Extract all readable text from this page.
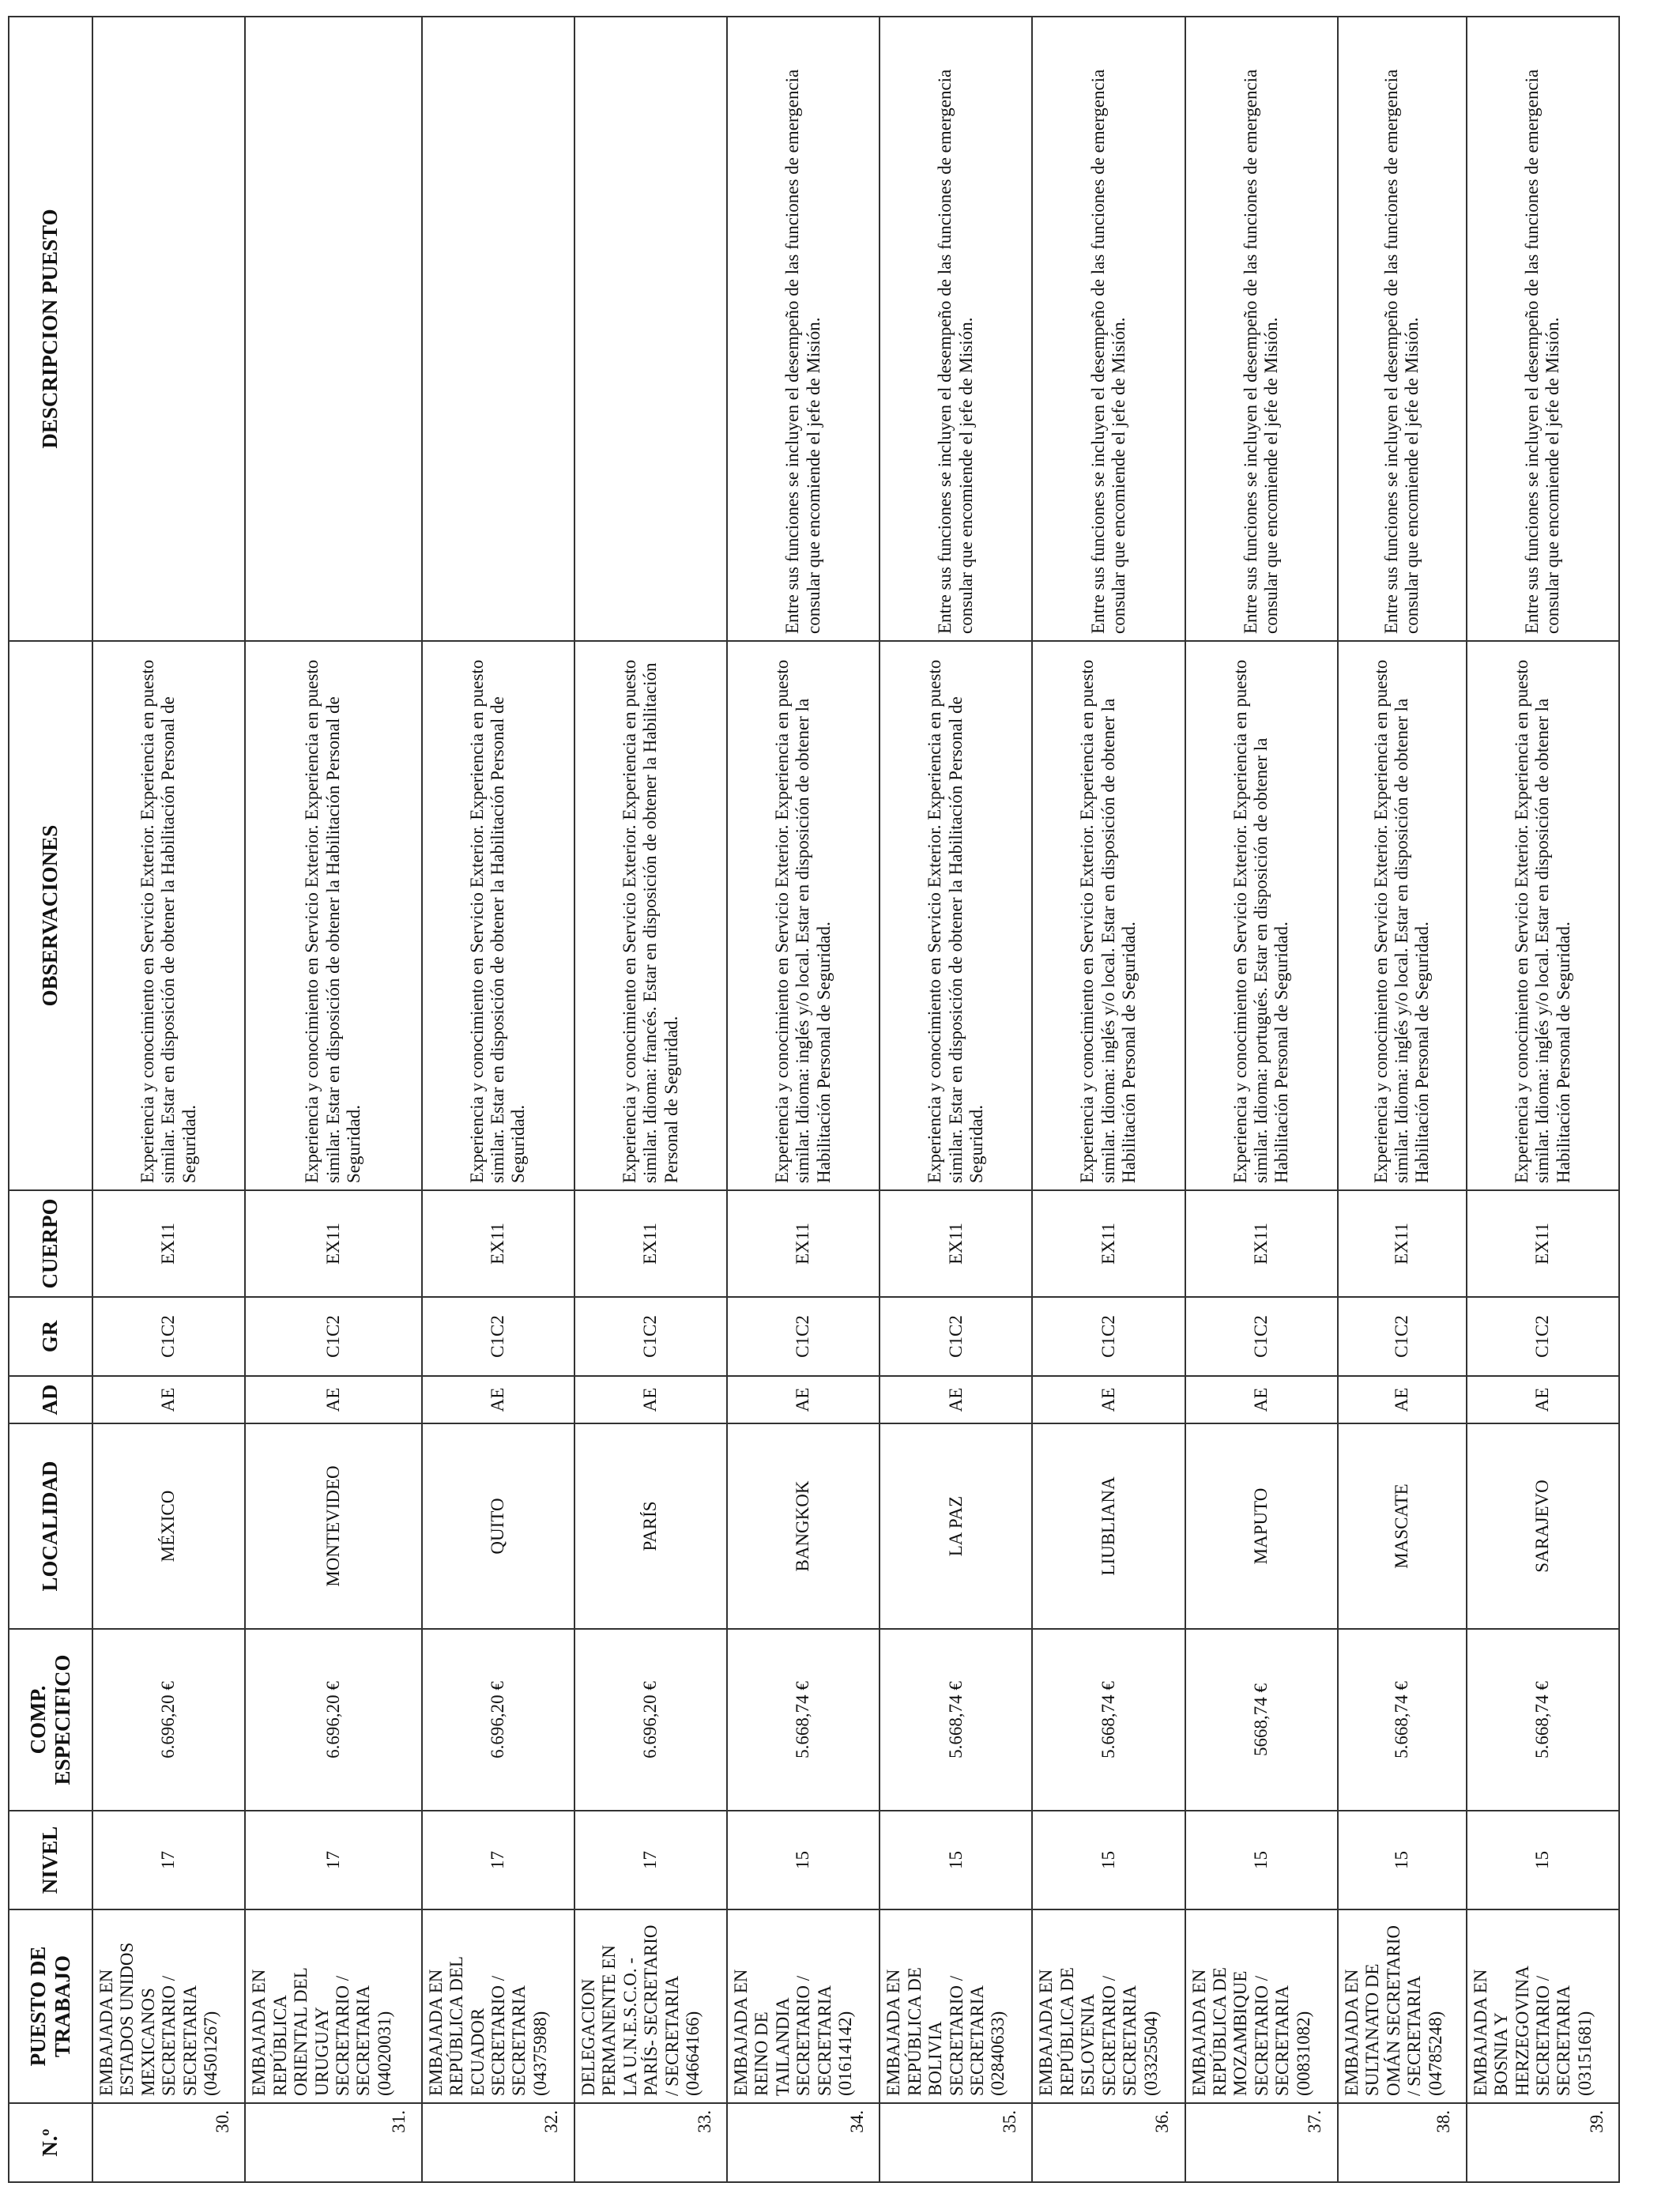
N.º	PUESTO DE TRABAJO	NIVEL	COMP. ESPECIFICO	LOCALIDAD	AD	GR	CUERPO	OBSERVACIONES	DESCRIPCION PUESTO
30.	EMBAJADA EN ESTADOS UNIDOS MEXICANOS SECRETARIO / SECRETARIA (04501267)	17	6.696,20 €	MÉXICO	AE	C1C2	EX11	Experiencia y conocimiento en Servicio Exterior. Experiencia en puesto similar. Estar en disposición de obtener la Habilitación Personal de Seguridad.	
31.	EMBAJADA EN REPÚBLICA ORIENTAL DEL URUGUAY SECRETARIO / SECRETARIA (04020031)	17	6.696,20 €	MONTEVIDEO	AE	C1C2	EX11	Experiencia y conocimiento en Servicio Exterior. Experiencia en puesto similar. Estar en disposición de obtener la Habilitación Personal de Seguridad.	
32.	EMBAJADA EN REPÚBLICA DEL ECUADOR SECRETARIO / SECRETARIA (04375988)	17	6.696,20 €	QUITO	AE	C1C2	EX11	Experiencia y conocimiento en Servicio Exterior. Experiencia en puesto similar. Estar en disposición de obtener la Habilitación Personal de Seguridad.	
33.	DELEGACION PERMANENTE EN LA U.N.E.S.C.O. - PARÍS- SECRETARIO / SECRETARIA (04664166)	17	6.696,20 €	PARÍS	AE	C1C2	EX11	Experiencia y conocimiento en Servicio Exterior. Experiencia en puesto similar. Idioma: francés. Estar en disposición de obtener la Habilitación Personal de Seguridad.	
34.	EMBAJADA EN REINO DE TAILANDIA SECRETARIO / SECRETARIA (01614142)	15	5.668,74 €	BANGKOK	AE	C1C2	EX11	Experiencia y conocimiento en Servicio Exterior. Experiencia en puesto similar. Idioma: inglés y/o local. Estar en disposición de obtener la Habilitación Personal de Seguridad.	Entre sus funciones se incluyen el desempeño de las funciones de emergencia consular que encomiende el jefe de Misión.
35.	EMBAJADA EN REPÚBLICA DE BOLIVIA SECRETARIO / SECRETARIA (02840633)	15	5.668,74 €	LA PAZ	AE	C1C2	EX11	Experiencia y conocimiento en Servicio Exterior. Experiencia en puesto similar. Estar en disposición de obtener la Habilitación Personal de Seguridad.	Entre sus funciones se incluyen el desempeño de las funciones de emergencia consular que encomiende el jefe de Misión.
36.	EMBAJADA EN REPÚBLICA DE ESLOVENIA SECRETARIO / SECRETARIA (03325504)	15	5.668,74 €	LIUBLIANA	AE	C1C2	EX11	Experiencia y conocimiento en Servicio Exterior. Experiencia en puesto similar. Idioma: inglés y/o local. Estar en disposición de obtener la Habilitación Personal de Seguridad.	Entre sus funciones se incluyen el desempeño de las funciones de emergencia consular que encomiende el jefe de Misión.
37.	EMBAJADA EN REPÚBLICA DE MOZAMBIQUE SECRETARIO / SECRETARIA (00831082)	15	5668,74 €	MAPUTO	AE	C1C2	EX11	Experiencia y conocimiento en Servicio Exterior. Experiencia en puesto similar. Idioma: portugués. Estar en disposición de obtener la Habilitación Personal de Seguridad.	Entre sus funciones se incluyen el desempeño de las funciones de emergencia consular que encomiende el jefe de Misión.
38.	EMBAJADA EN SULTANATO DE OMÁN SECRETARIO / SECRETARIA (04785248)	15	5.668,74 €	MASCATE	AE	C1C2	EX11	Experiencia y conocimiento en Servicio Exterior. Experiencia en puesto similar. Idioma: inglés y/o local. Estar en disposición de obtener la Habilitación Personal de Seguridad.	Entre sus funciones se incluyen el desempeño de las funciones de emergencia consular que encomiende el jefe de Misión.
39.	EMBAJADA EN BOSNIA Y HERZEGOVINA SECRETARIO / SECRETARIA (03151681)	15	5.668,74 €	SARAJEVO	AE	C1C2	EX11	Experiencia y conocimiento en Servicio Exterior. Experiencia en puesto similar. Idioma: inglés y/o local. Estar en disposición de obtener la Habilitación Personal de Seguridad.	Entre sus funciones se incluyen el desempeño de las funciones de emergencia consular que encomiende el jefe de Misión.
